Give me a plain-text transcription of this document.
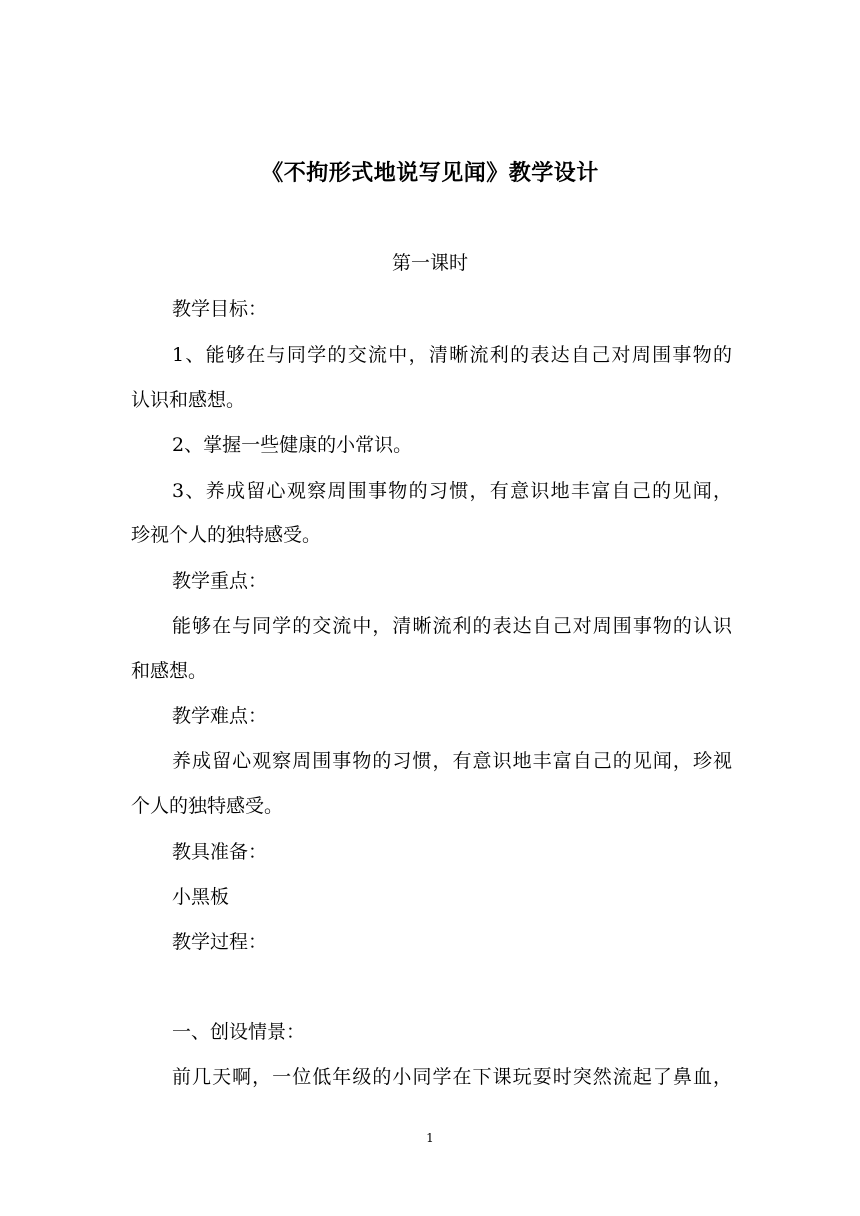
《不拘形式地说写见闻》教学设计
第一课时
教学目标：
1、能够在与同学的交流中，清晰流利的表达自己对周围事物的
认识和感想。
2、掌握一些健康的小常识。
3、养成留心观察周围事物的习惯，有意识地丰富自己的见闻，
珍视个人的独特感受。
教学重点：
能够在与同学的交流中，清晰流利的表达自己对周围事物的认识
和感想。
教学难点：
养成留心观察周围事物的习惯，有意识地丰富自己的见闻，珍视
个人的独特感受。
教具准备：
小黑板
教学过程：
一、创设情景：
前几天啊，一位低年级的小同学在下课玩耍时突然流起了鼻血，
1
